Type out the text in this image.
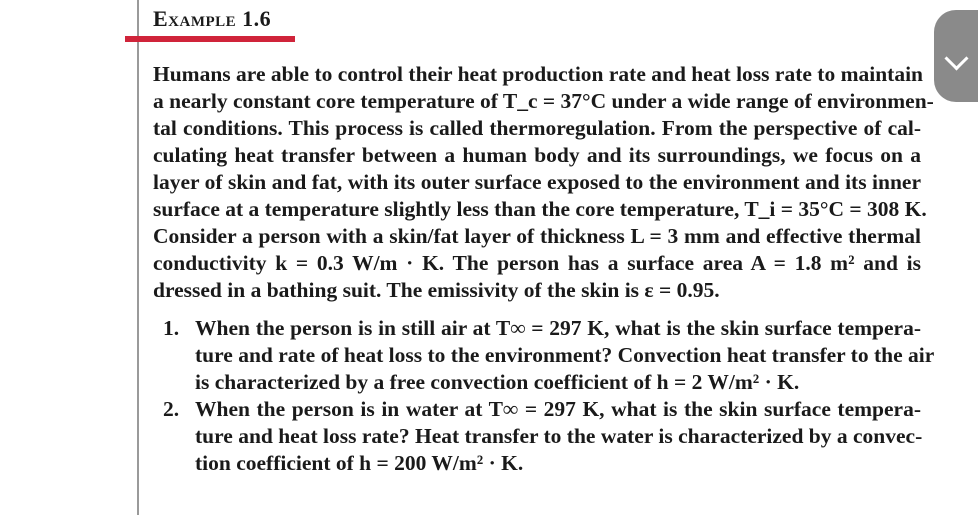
Example 1.6
Humans are able to control their heat production rate and heat loss rate to maintain
a nearly constant core temperature of T_c = 37°C under a wide range of environmen-
tal conditions. This process is called thermoregulation. From the perspective of cal-
culating heat transfer between a human body and its surroundings, we focus on a
layer of skin and fat, with its outer surface exposed to the environment and its inner
surface at a temperature slightly less than the core temperature, T_i = 35°C = 308 K.
Consider a person with a skin/fat layer of thickness L = 3 mm and effective thermal
conductivity k = 0.3 W/m · K. The person has a surface area A = 1.8 m² and is
dressed in a bathing suit. The emissivity of the skin is ε = 0.95.
1. When the person is in still air at T∞ = 297 K, what is the skin surface tempera-
ture and rate of heat loss to the environment? Convection heat transfer to the air
is characterized by a free convection coefficient of h = 2 W/m² · K.
2. When the person is in water at T∞ = 297 K, what is the skin surface tempera-
ture and heat loss rate? Heat transfer to the water is characterized by a convec-
tion coefficient of h = 200 W/m² · K.
